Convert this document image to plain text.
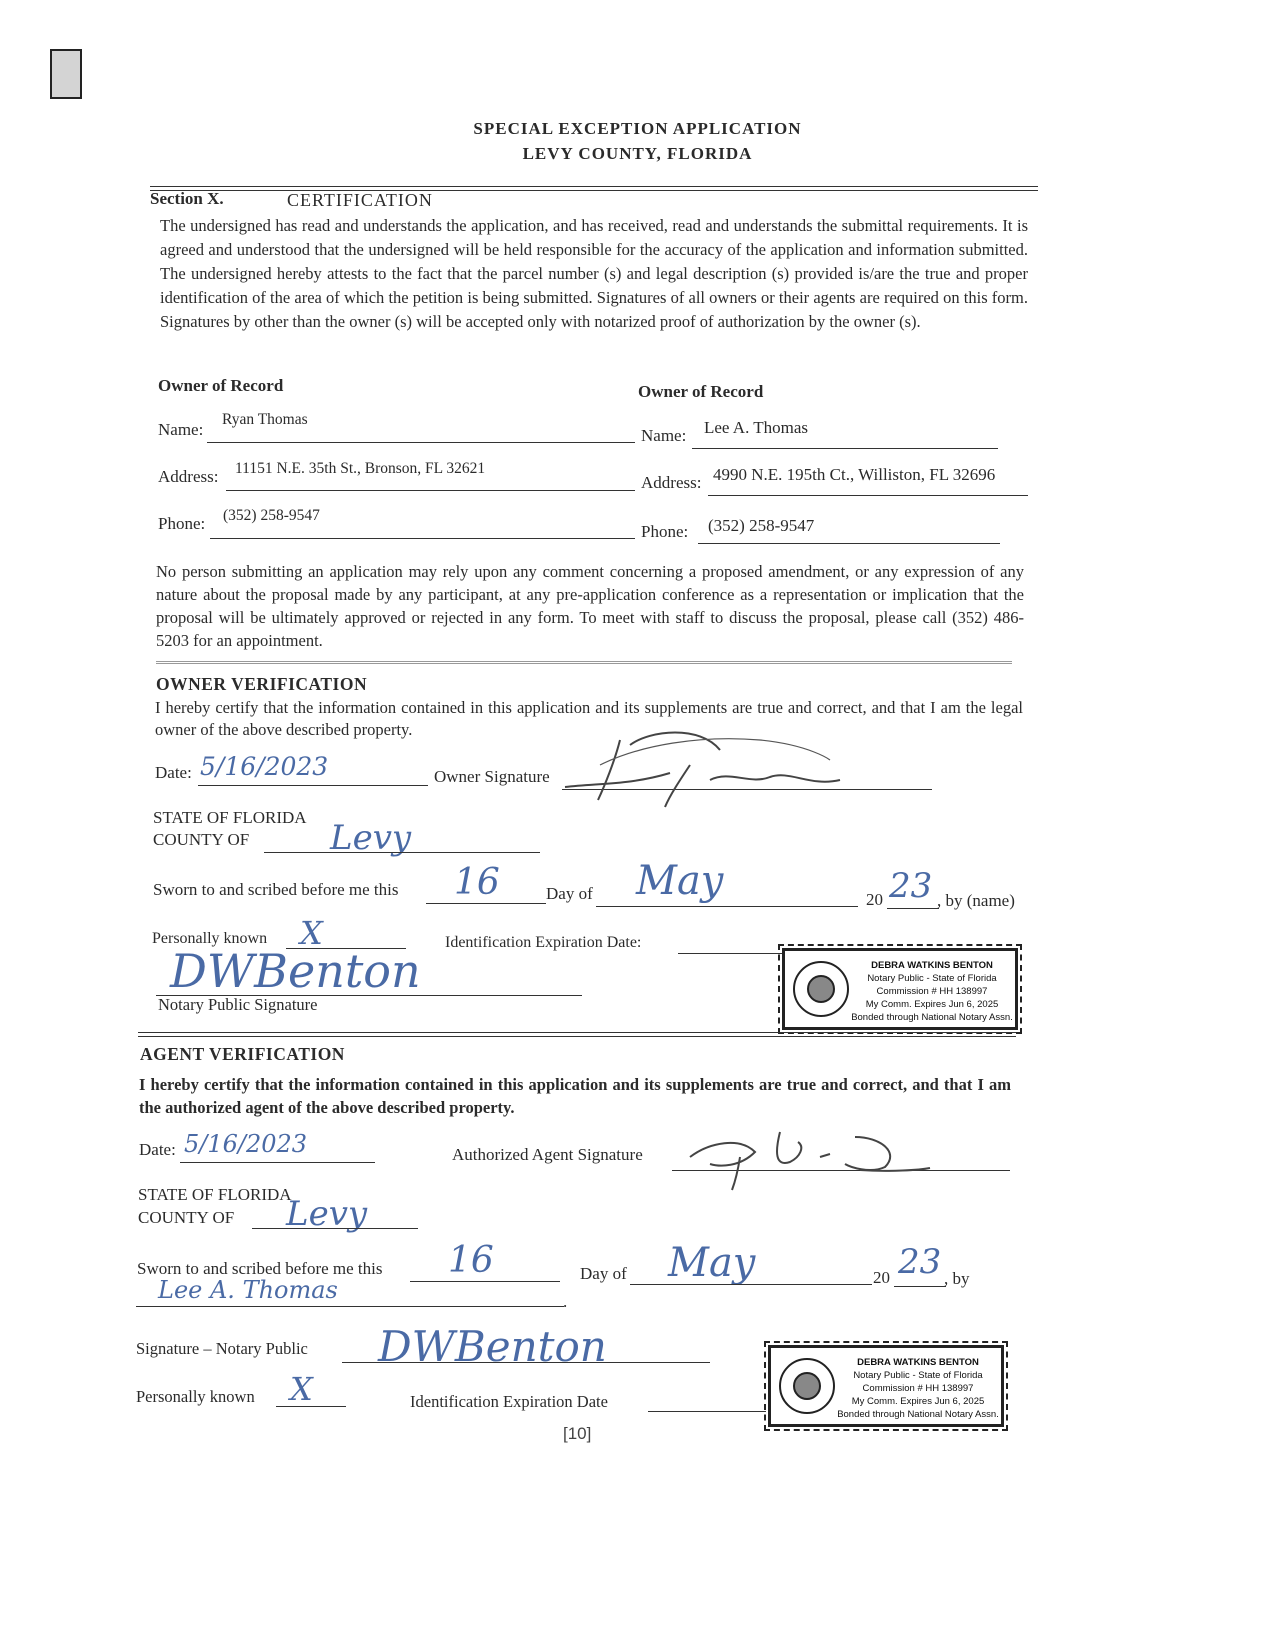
SPECIAL EXCEPTION APPLICATION
LEVY COUNTY, FLORIDA
Section X.	CERTIFICATION
The undersigned has read and understands the application, and has received, read and understands the submittal requirements. It is agreed and understood that the undersigned will be held responsible for the accuracy of the application and information submitted. The undersigned hereby attests to the fact that the parcel number (s) and legal description (s) provided is/are the true and proper identification of the area of which the petition is being submitted. Signatures of all owners or their agents are required on this form. Signatures by other than the owner (s) will be accepted only with notarized proof of authorization by the owner (s).
Owner of Record
Name:
Ryan Thomas
Address: 11151 N.E. 35th St., Bronson, FL 32621
Phone: (352) 258-9547
Owner of Record
Name: Lee A. Thomas
Address: 4990 N.E. 195th Ct., Williston, FL 32696
Phone: (352) 258-9547
No person submitting an application may rely upon any comment concerning a proposed amendment, or any expression of any nature about the proposal made by any participant, at any pre-application conference as a representation or implication that the proposal will be ultimately approved or rejected in any form. To meet with staff to discuss the proposal, please call (352) 486- 5203 for an appointment.
OWNER VERIFICATION
I hereby certify that the information contained in this application and its supplements are true and correct, and that I am the legal owner of the above described property.
Date: 5/16/2023	Owner Signature
STATE OF FLORIDA
COUNTY OF Levy
Sworn to and scribed before me this 16	Day of May	20 23 , by (name)
Personally known X	Identification Expiration Date:
DWBenton
Notary Public Signature
DEBRA WATKINS BENTON
Notary Public - State of Florida
Commission # HH 138997
My Comm. Expires Jun 6, 2025
Bonded through National Notary Assn.
AGENT VERIFICATION
I hereby certify that the information contained in this application and its supplements are true and correct, and that I am the authorized agent of the above described property.
Date: 5/16/2023	Authorized Agent Signature
STATE OF FLORIDA
COUNTY OF Levy
Sworn to and scribed before me this 16	Day of May	20 23 , by
Lee A. Thomas	.
Signature – Notary Public DWBenton
Personally known X	Identification Expiration Date
DEBRA WATKINS BENTON
Notary Public - State of Florida
Commission # HH 138997
My Comm. Expires Jun 6, 2025
Bonded through National Notary Assn.
[10]
